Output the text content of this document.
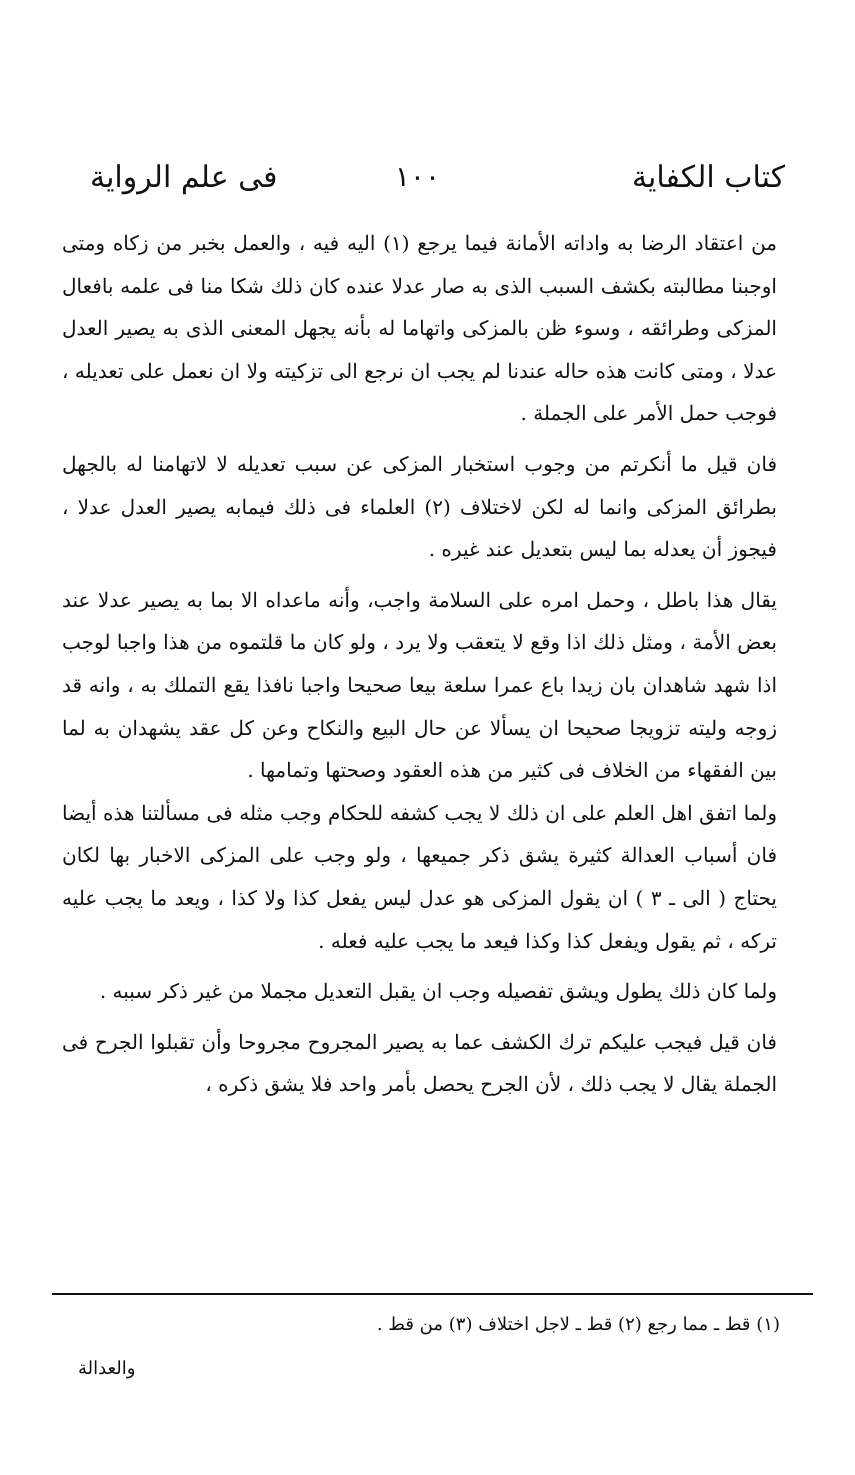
كتاب الكفاية
١٠٠
فى علم الرواية

من اعتقاد الرضا به واداته الأمانة فيما يرجع (١) اليه فيه ، والعمل بخبر من زكاه ومتى اوجبنا مطالبته بكشف السبب الذى به صار عدلا عنده كان ذلك شكا منا فى علمه بافعال المزكى وطرائقه ، وسوء ظن بالمزكى واتهاما له بأنه يجهل المعنى الذى به يصير العدل عدلا ، ومتى كانت هذه حاله عندنا لم يجب ان نرجع الى تزكيته ولا ان نعمل على تعديله ، فوجب حمل الأمر على الجملة .

فان قيل ما أنكرتم من وجوب استخبار المزكى عن سبب تعديله لا لاتهامنا له بالجهل بطرائق المزكى وانما له لكن لاختلاف (٢) العلماء فى ذلك فيمابه يصير العدل عدلا ، فيجوز أن يعدله بما ليس بتعديل عند غيره .

يقال هذا باطل ، وحمل امره على السلامة واجب، وأنه ماعداه الا بما به يصير عدلا عند بعض الأمة ، ومثل ذلك اذا وقع لا يتعقب ولا يرد ، ولو كان ما قلتموه من هذا واجبا لوجب اذا شهد شاهدان بان زيدا باع عمرا سلعة بيعا صحيحا واجبا نافذا يقع التملك به ، وانه قد زوجه وليته تزويجا صحيحا ان يسألا عن حال البيع والنكاح وعن كل عقد يشهدان به لما بين الفقهاء من الخلاف فى كثير من هذه العقود وصحتها وتمامها .

ولما اتفق اهل العلم على ان ذلك لا يجب كشفه للحكام وجب مثله فى مسألتنا هذه أيضا فان أسباب العدالة كثيرة يشق ذكر جميعها ، ولو وجب على المزكى الاخبار بها لكان يحتاج ( الى ـ ٣ ) ان يقول المزكى هو عدل ليس يفعل كذا ولا كذا ، ويعد ما يجب عليه تركه ، ثم يقول ويفعل كذا وكذا فيعد ما يجب عليه فعله .

ولما كان ذلك يطول ويشق تفصيله وجب ان يقبل التعديل مجملا من غير ذكر سببه .

فان قيل فيجب عليكم ترك الكشف عما به يصير المجروح مجروحا وأن تقبلوا الجرح فى الجملة يقال لا يجب ذلك ، لأن الجرح يحصل بأمر واحد فلا يشق ذكره ،

(١) قط ـ مما رجع (٢) قط ـ لاجل اختلاف (٣) من قط .
والعدالة
